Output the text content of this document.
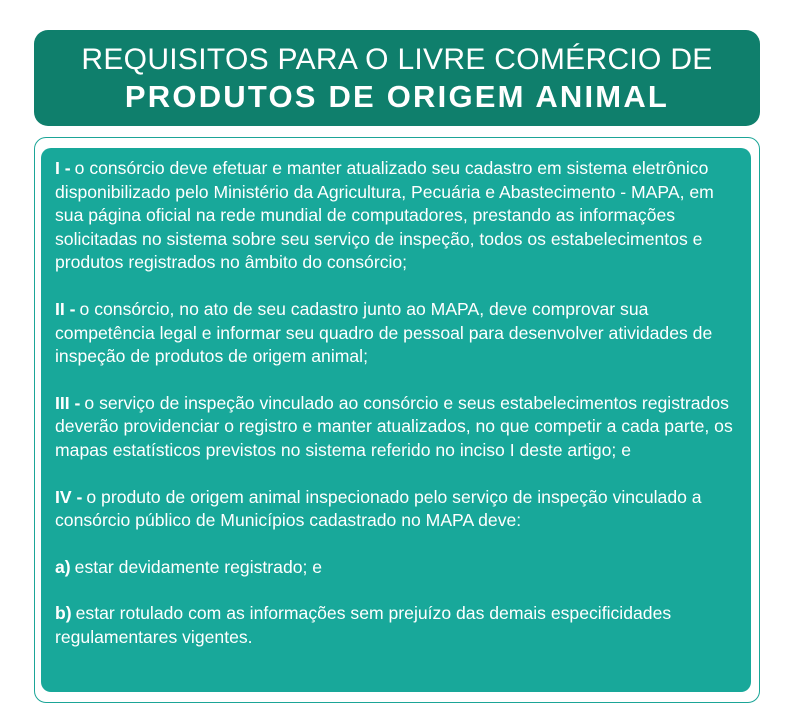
REQUISITOS PARA O LIVRE COMÉRCIO DE
PRODUTOS DE ORIGEM ANIMAL

I - o consórcio deve efetuar e manter atualizado seu cadastro em sistema eletrônico disponibilizado pelo Ministério da Agricultura, Pecuária e Abastecimento - MAPA, em sua página oficial na rede mundial de computadores, prestando as informações solicitadas no sistema sobre seu serviço de inspeção, todos os estabelecimentos e produtos registrados no âmbito do consórcio;

II - o consórcio, no ato de seu cadastro junto ao MAPA, deve comprovar sua competência legal e informar seu quadro de pessoal para desenvolver atividades de inspeção de produtos de origem animal;

III - o serviço de inspeção vinculado ao consórcio e seus estabelecimentos registrados deverão providenciar o registro e manter atualizados, no que competir a cada parte, os mapas estatísticos previstos no sistema referido no inciso I deste artigo; e

IV - o produto de origem animal inspecionado pelo serviço de inspeção vinculado a consórcio público de Municípios cadastrado no MAPA deve:

a) estar devidamente registrado; e

b) estar rotulado com as informações sem prejuízo das demais especificidades regulamentares vigentes.
